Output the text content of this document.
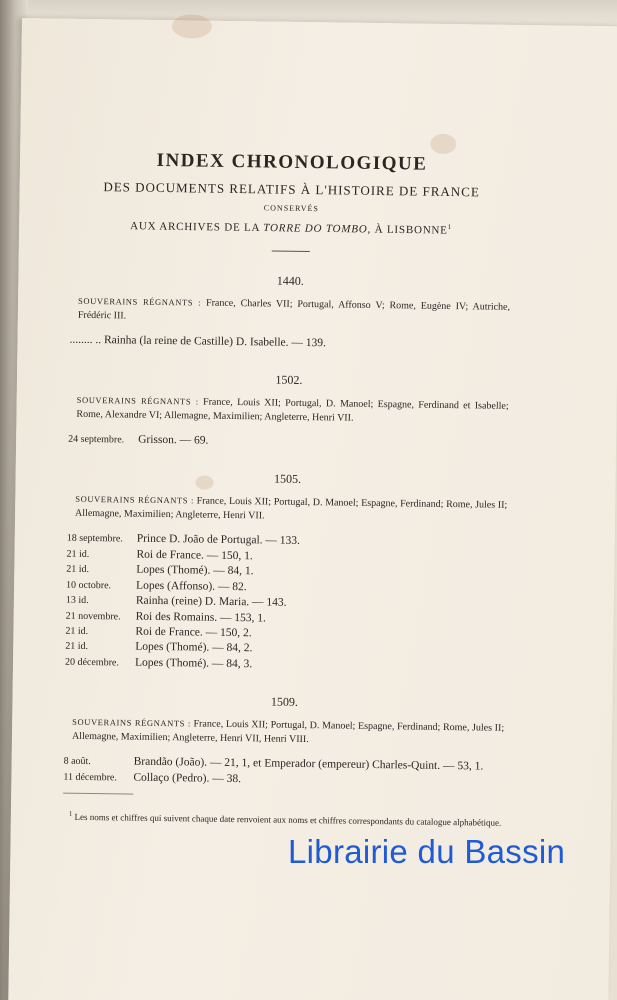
INDEX CHRONOLOGIQUE
DES DOCUMENTS RELATIFS À L'HISTOIRE DE FRANCE
CONSERVÉS
AUX ARCHIVES DE LA TORRE DO TOMBO, À LISBONNE$^1$
1440.
SOUVERAINS RÉGNANTS : France, Charles VII; Portugal, Affonso V; Rome, Eugène IV; Autriche, Frédéric III.
........ .. Rainha (la reine de Castille) D. Isabelle. — 139.
1502.
SOUVERAINS RÉGNANTS : France, Louis XII; Portugal, D. Manoel; Espagne, Ferdinand et Isabelle; Rome, Alexandre VI; Allemagne, Maximilien; Angleterre, Henri VII.
24 septembre.	Grisson. — 69.
1505.
SOUVERAINS RÉGNANTS : France, Louis XII; Portugal, D. Manoel; Espagne, Ferdinand; Rome, Jules II; Allemagne, Maximilien; Angleterre, Henri VII.
18 septembre.	Prince D. João de Portugal. — 133.
21 id.	Roi de France. — 150, 1.
21 id.	Lopes (Thomé). — 84, 1.
10 octobre.	Lopes (Affonso). — 82.
13 id.	Rainha (reine) D. Maria. — 143.
21 novembre.	Roi des Romains. — 153, 1.
21 id.	Roi de France. — 150, 2.
21 id.	Lopes (Thomé). — 84, 2.
20 décembre.	Lopes (Thomé). — 84, 3.
1509.
SOUVERAINS RÉGNANTS : France, Louis XII; Portugal, D. Manoel; Espagne, Ferdinand; Rome, Jules II; Allemagne, Maximilien; Angleterre, Henri VII, Henri VIII.
8 août.	Brandão (João). — 21, 1, et Emperador (empereur) Charles-Quint. — 53, 1.
11 décembre.	Collaço (Pedro). — 38.
$^1$ Les noms et chiffres qui suivent chaque date renvoient aux noms et chiffres correspondants du catalogue alphabétique.
Librairie du Bassin
